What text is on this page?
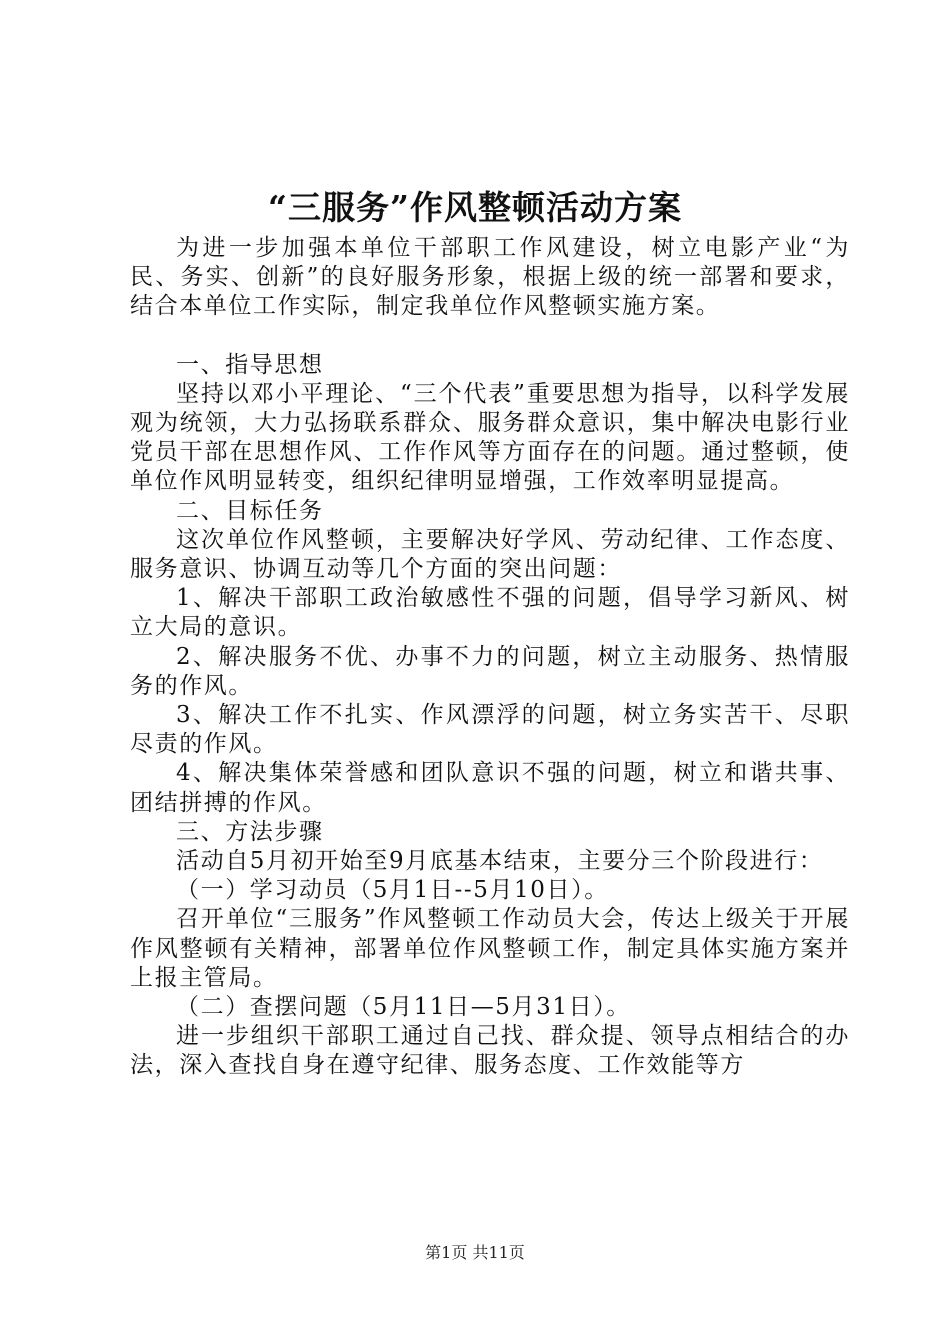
“三服务”作风整顿活动方案

为进一步加强本单位干部职工作风建设，树立电影产业“为民、务实、创新”的良好服务形象，根据上级的统一部署和要求，结合本单位工作实际，制定我单位作风整顿实施方案。

一、指导思想

坚持以邓小平理论、“三个代表”重要思想为指导，以科学发展观为统领，大力弘扬联系群众、服务群众意识，集中解决电影行业党员干部在思想作风、工作作风等方面存在的问题。通过整顿，使单位作风明显转变，组织纪律明显增强，工作效率明显提高。

二、目标任务

这次单位作风整顿，主要解决好学风、劳动纪律、工作态度、服务意识、协调互动等几个方面的突出问题：

1、解决干部职工政治敏感性不强的问题，倡导学习新风、树立大局的意识。

2、解决服务不优、办事不力的问题，树立主动服务、热情服务的作风。

3、解决工作不扎实、作风漂浮的问题，树立务实苦干、尽职尽责的作风。

4、解决集体荣誉感和团队意识不强的问题，树立和谐共事、团结拼搏的作风。

三、方法步骤

活动自5月初开始至9月底基本结束，主要分三个阶段进行：

（一）学习动员（5月1日--5月10日）。

召开单位“三服务”作风整顿工作动员大会，传达上级关于开展作风整顿有关精神，部署单位作风整顿工作，制定具体实施方案并上报主管局。

（二）查摆问题（5月11日—5月31日）。

进一步组织干部职工通过自己找、群众提、领导点相结合的办法，深入查找自身在遵守纪律、服务态度、工作效能等方

第1页 共11页
